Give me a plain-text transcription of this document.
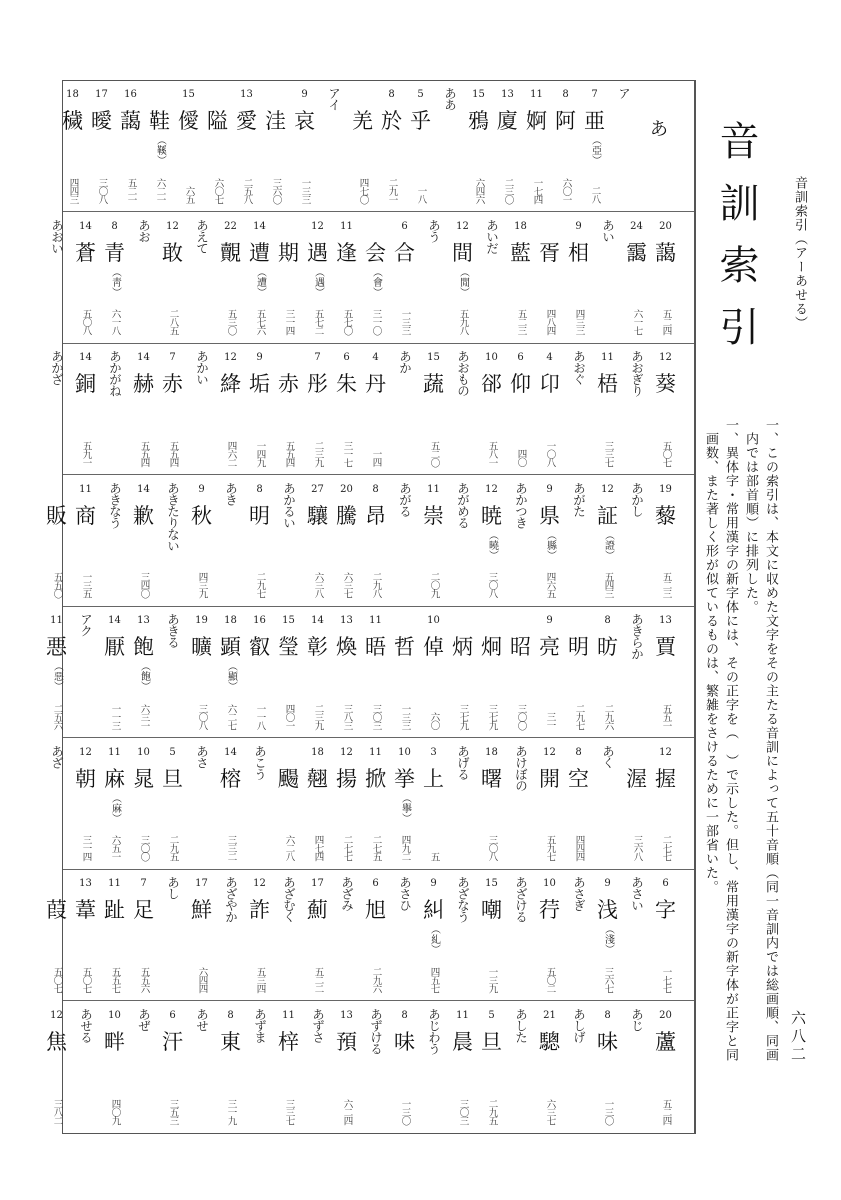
音訓索引（アーあせる）
音訓索引
一、この索引は、本文に収めた文字をその主たる音訓によって五十音順（同一音訓内では総画順、同画
　内では部首順）に排列した。
一、異体字・常用漢字の新字体には、その正字を（　）で示した。但し、常用漢字の新字体が正字と同
　画数、また著しく形が似ているものは、繁雑をさけるために一部省いた。
六八二
あ
ア
7
亜
︵亞︶
二八
8
阿
六〇一
11
婀
一七四
13
廈
二三〇
15
鴉
六四六
ああ
5
乎
一八
8
於
二九一
羌
四七〇
アイ
9
哀
一三三
洼
三六〇
13
愛
二五八
隘
六〇七
15
僾
六五
鞋
︵鞵︶
六二一
16
藹
五二一
17
曖
三〇八
18
穢
四四三
20
藹
五二四
24
靄
六一七
あい
9
相
四三三
胥
四八四
18
藍
五二三
あいだ
12
間
︵閒︶
五九八
あう
6
合
一三三
会
︵會︶
三一〇
11
逢
五七〇
12
遇
︵遇︶
五七二
期
三一四
14
遭
︵遭︶
五七六
22
覿
五三〇
あえて
12
敢
二八五
あお
8
青
︵靑︶
六一八
14
蒼
五〇八
あおい
12
葵
五〇七
あおぎり
11
梧
三三七
あおぐ
4
卬
一〇八
6
仰
四〇
10
郤
五八一
あおもの
15
蔬
五二〇
あか
4
丹
一四
6
朱
三一七
7
彤
二三九
赤
五五四
9
垢
一四九
12
絳
四六二
あかい
7
赤
五五四
14
赫
五五四
あかがね
14
銅
五九一
あかざ
19
藜
五二三
あかし
12
証
︵證︶
五四三
あがた
9
県
︵縣︶
四六五
あかつき
12
暁
︵曉︶
三〇八
あがめる
11
崇
二〇九
あがる
8
昂
二九八
20
騰
六三七
27
驤
六三八
あかるい
8
明
二九七
あき
9
秋
四三九
あきたりない
14
歉
三四〇
あきなう
11
商
一三五
販
五五〇
13
賈
五五一
あきらか
8
昉
二九六
明
二九七
9
亮
三一
昭
三〇〇
炯
三七九
炳
三七九
10
倬
六〇
哲
一三三
11
晤
三〇三
13
煥
三八三
14
彰
二三九
15
瑩
四〇一
16
叡
一一八
18
顕
︵顯︶
六二七
19
曠
三〇八
あきる
13
飽
︵飽︶
六三一
14
厭
一一三
アク
11
悪
︵惡︶
二五六
12
握
二七七
渥
三六八
あく
8
空
四四四
12
開
五九七
あけぼの
18
曙
三〇八
あげる
3
上
五
10
挙
︵擧︶
四九二
11
掀
二七五
12
揚
二七七
18
翹
四七四
颺
六二八
あこう
14
榕
三三二
あさ
5
旦
二九五
10
晁
三〇〇
11
麻
︵麻︶
六五一
12
朝
三一四
あざ
6
字
一七七
あさい
9
浅
︵淺︶
三六七
あさぎ
10
荇
五〇二
あざける
15
嘲
一三九
あざなう
9
糾
︵糺︶
四五七
あさひ
6
旭
二九六
あざみ
17
薊
五二二
あざむく
12
詐
五三四
あざやか
17
鮮
六四四
あし
7
足
五五六
11
趾
五五七
13
葦
五〇七
葭
五〇七
20
蘆
五二四
あじ
8
味
一三〇
あしげ
21
驄
六三七
あした
5
旦
二九五
11
晨
三〇三
あじわう
8
味
一三〇
あずける
13
預
六二四
あずさ
11
梓
三三七
あずま
8
東
三一九
あせ
6
汗
三五三
あぜ
10
畔
四〇九
あせる
12
焦
三八二
